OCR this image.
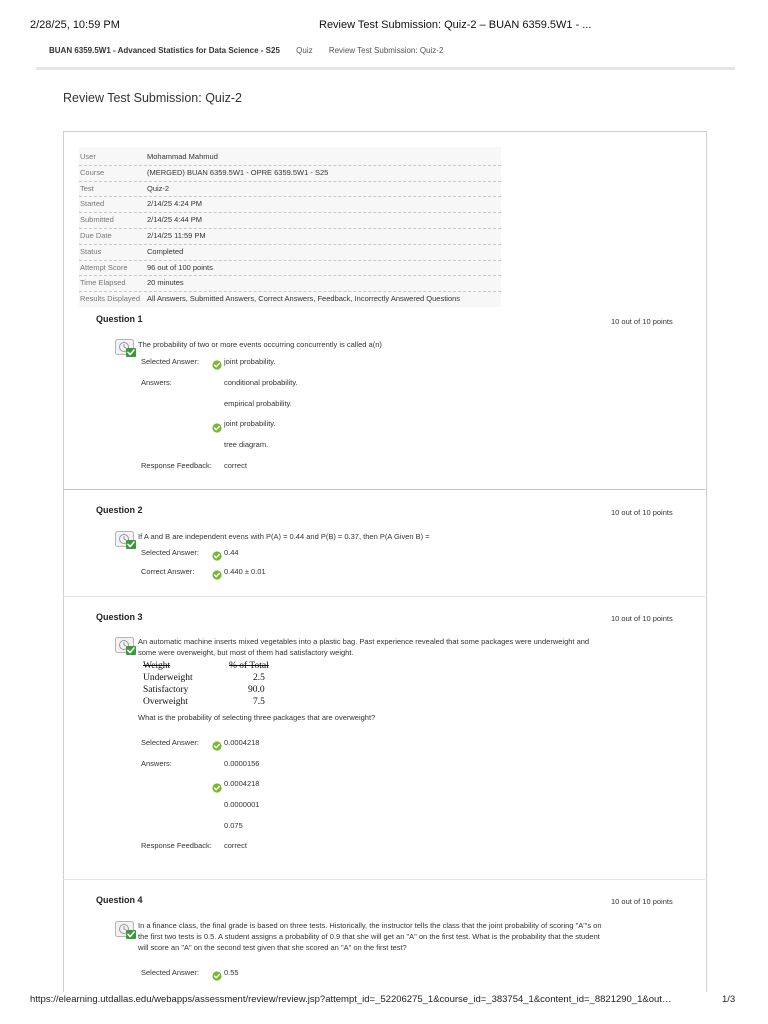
2/28/25, 10:59 PM	Review Test Submission: Quiz-2 – BUAN 6359.5W1 - ...
BUAN 6359.5W1 - Advanced Statistics for Data Science - S25 Quiz Review Test Submission: Quiz-2
Review Test Submission: Quiz-2
User	Mohammad Mahmud
Course	(MERGED) BUAN 6359.5W1 - OPRE 6359.5W1 - S25
Test	Quiz-2
Started	2/14/25 4:24 PM
Submitted	2/14/25 4:44 PM
Due Date	2/14/25 11:59 PM
Status	Completed
Attempt Score	96 out of 100 points
Time Elapsed	20 minutes
Results Displayed All Answers, Submitted Answers, Correct Answers, Feedback, Incorrectly Answered Questions
Question 1	10 out of 10 points
The probability of two or more events occurring concurrently is called a(n)
Selected Answer:	joint probability.
Answers:	conditional probability.
empirical probability.
joint probability.
tree diagram.
Response Feedback: correct
Question 2	10 out of 10 points
If A and B are independent evens with P(A) = 0.44 and P(B) = 0.37, then P(A Given B) =
Selected Answer:	0.44
Correct Answer:	0.440 ± 0.01
Question 3	10 out of 10 points
An automatic machine inserts mixed vegetables into a plastic bag. Past experience revealed that some packages were underweight and
some were overweight, but most of them had satisfactory weight.
Weight	% of Total
Underweight	2.5
Satisfactory	90.0
Overweight	7.5
What is the probability of selecting three packages that are overweight?
Selected Answer:	0.0004218
Answers:	0.0000156
0.0004218
0.0000001
0.075
Response Feedback: correct
Question 4	10 out of 10 points
In a finance class, the final grade is based on three tests. Historically, the instructor tells the class that the joint probability of scoring "A"'s on
the first two tests is 0.5. A student assigns a probability of 0.9 that she will get an "A" on the first test. What is the probability that the student
will score an "A" on the second test given that she scored an "A" on the first test?
Selected Answer:	0.55
https://elearning.utdallas.edu/webapps/assessment/review/review.jsp?attempt_id=_52206275_1&course_id=_383754_1&content_id=_8821290_1&out…	1/3
